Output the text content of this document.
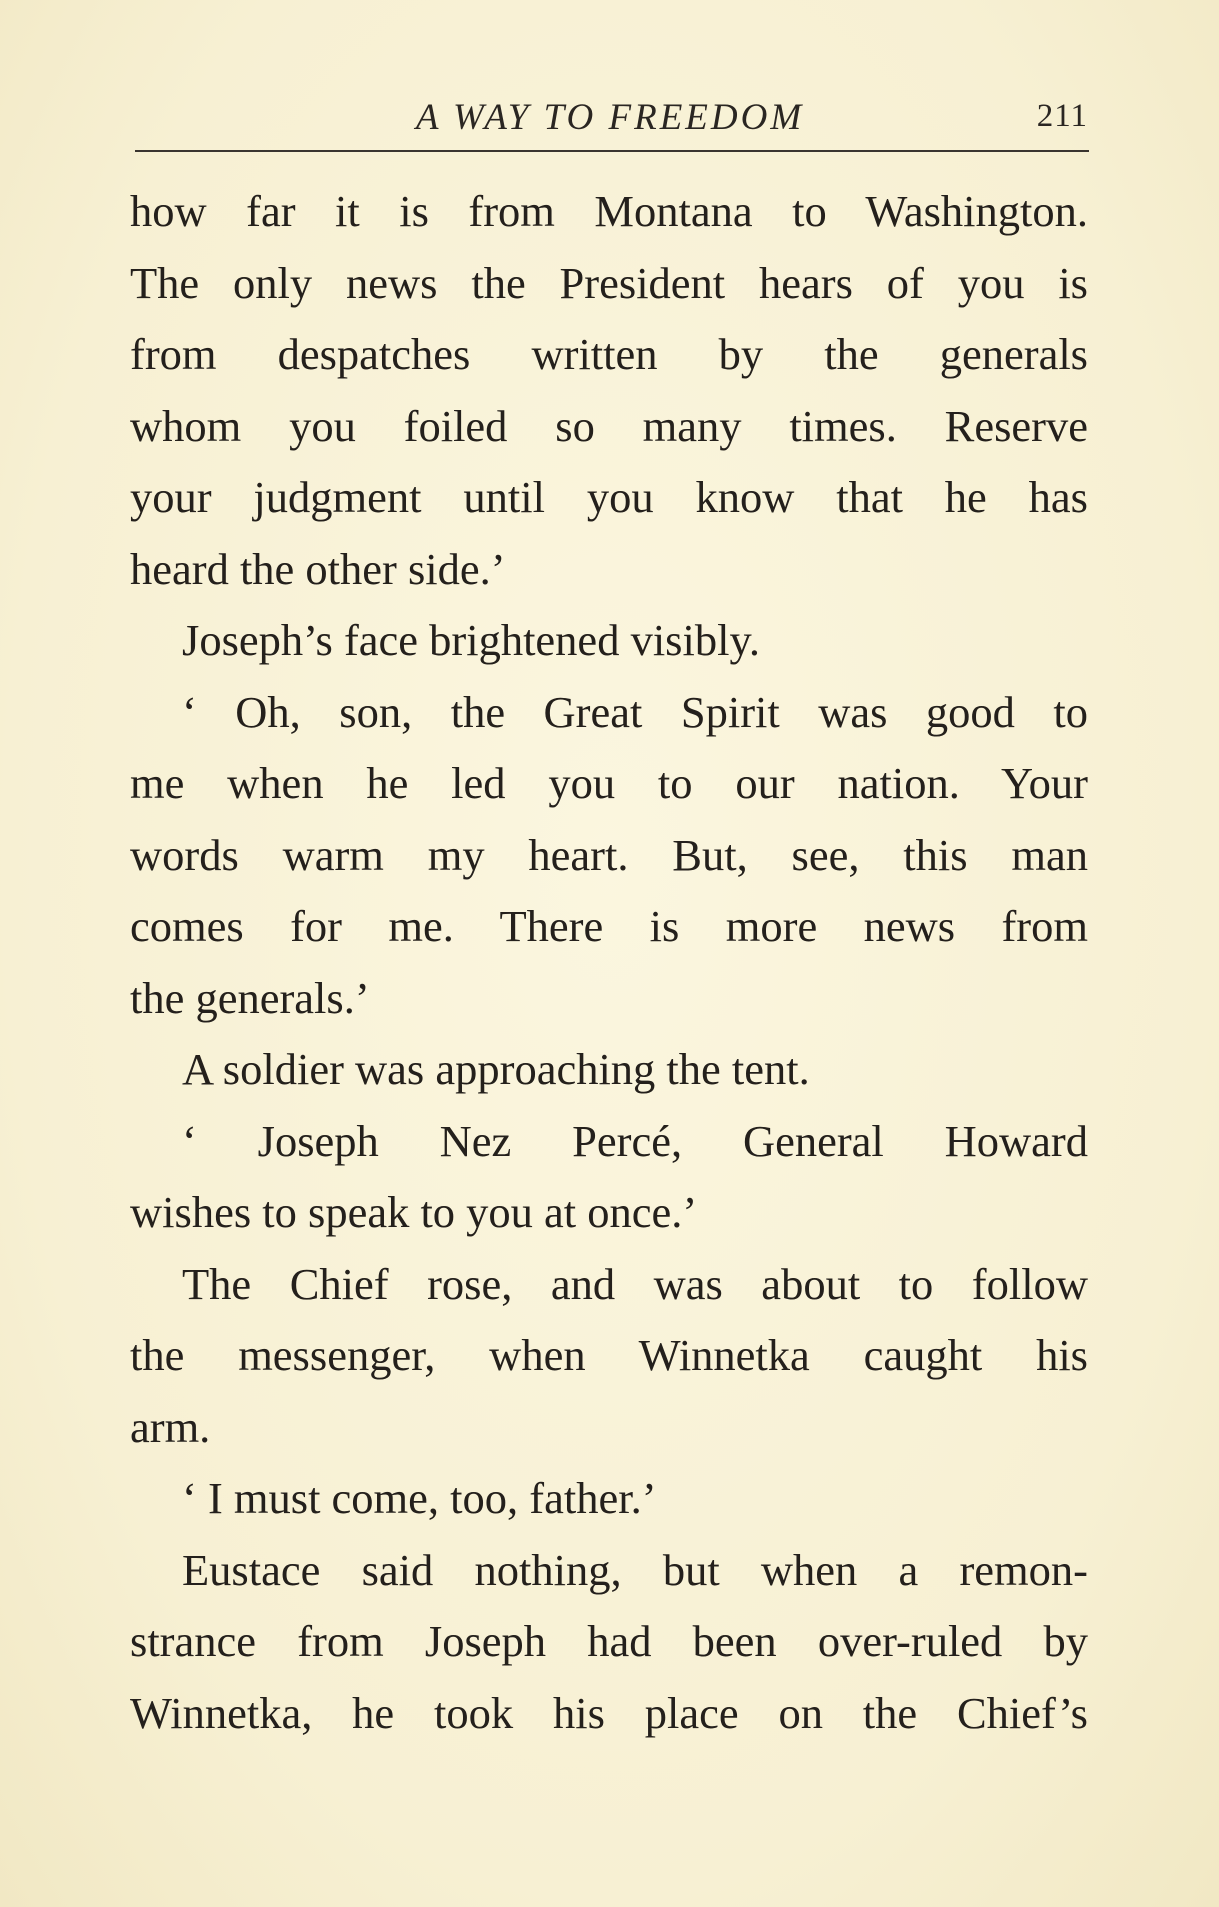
A WAY TO FREEDOM	211
how far it is from Montana to Washington.
The only news the President hears of you is
from despatches written by the generals
whom you foiled so many times. Reserve
your judgment until you know that he has
heard the other side.’
Joseph’s face brightened visibly.
‘ Oh, son, the Great Spirit was good to
me when he led you to our nation. Your
words warm my heart. But, see, this man
comes for me. There is more news from
the generals.’
A soldier was approaching the tent.
‘ Joseph Nez Percé, General Howard
wishes to speak to you at once.’
The Chief rose, and was about to follow
the messenger, when Winnetka caught his
arm.
‘ I must come, too, father.’
Eustace said nothing, but when a remon-
strance from Joseph had been over-ruled by
Winnetka, he took his place on the Chief’s
